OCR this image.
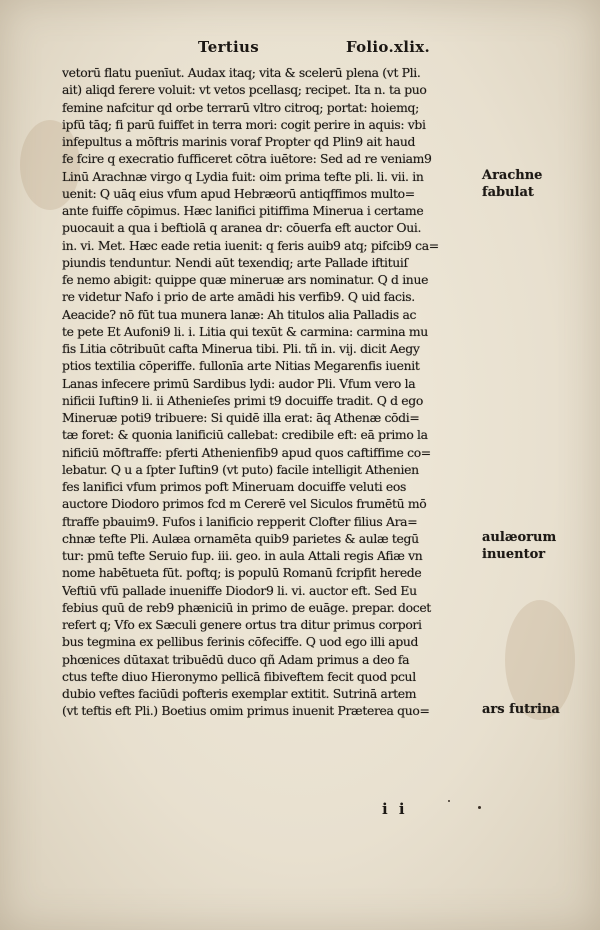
Tertius	Folio.xlix.
vetorū flatu puenīut. Audax itaq; vita & scelerū plena (vt Pli.
ait) aliqd ferere voluit: vt vetos pcellasq; recipet. Ita n. ta puo
femine nafcitur qd orbe terrarū vltro citroq; portat: hoiemq;
ipfū tāq; fi parū fuiffet in terra mori: cogit perire in aquis: vbi
infepultus a mōftris marinis voraf Propter qd Plin9 ait haud
fe fcire q execratio fufficeret cōtra iuētore: Sed ad re veniam9
Linū Arachnæ virgo q Lydia fuit: oim prima tefte pli. li. vii. in
uenit: Q uāq eius vfum apud Hebræorū antiqffimos multo=
ante fuiffe cōpimus. Hæc lanifici pitiffima Minerua i certame
puocauit a qua i beftiolā q aranea dr: cōuerfa eft auctor Oui.
in. vi. Met. Hæc eade retia iuenit: q feris auib9 atq; pifcib9 ca=
piundis tenduntur. Nendi aūt texendiq; arte Pallade iftituiſ
fe nemo abigit: quippe quæ mineruæ ars nominatur. Q d inue
re videtur Nafo i prio de arte amādi his verfib9. Q uid facis.
Aeacide? nō fūt tua munera lanæ: Ah titulos alia Palladis ac
te pete Et Aufoni9 li. i. Litia qui texūt & carmina: carmina mu
fis Litia cōtribuūt cafta Minerua tibi. Pli. tñ in. vij. dicit Aegy
ptios textilia cōperiffe. fullonīa arte Nitias Megarenfis iuenit
Lanas infecere primū Sardibus lydi: audor Pli. Vfum vero la
nificii Iuftin9 li. ii Athenieſes primi t9 docuiffe tradit. Q d ego
Mineruæ poti9 tribuere: Si quidē illa erat: āq Athenæ cōdi=
tæ foret: & quonia lanificiū callebat: credibile eft: eā primo la
nificiū mōftraffe: pferti Athenienfib9 apud quos caftiffime co=
lebatur. Q u a ſpter Iuftin9 (vt puto) facile intelligit Athenien
fes lanifici vfum primos poft Mineruam docuiffe veluti eos
auctore Diodoro primos fcd m Cererē vel Siculos frumētū mō
ftraffe pbauim9. Fufos i lanificio repperit Clofter filius Ara=
chnæ tefte Pli. Aulæa ornamēta quib9 parietes & aulæ tegū
tur: pmū tefte Seruio fup. iii. geo. in aula Attali regis Afiæ vn
nome habētueta fūt. poftq; is populū Romanū fcripfit herede
Veftiū vfū pallade inueniffe Diodor9 li. vi. auctor eft. Sed Eu
febius quū de reb9 phæniciū in primo de euāge. prepar. docet
refert q; Vfo ex Sæculi genere ortus tra ditur primus corpori
bus tegmina ex pellibus ferinis cōfeciffe. Q uod ego illi apud
phœnices dūtaxat tribuēdū duco qñ Adam primus a deo fa
ctus tefte diuo Hieronymo pellicā fibiveftem fecit quod pcul
dubio veftes faciūdi pofteris exemplar extitit. Sutrinā artem
(vt teftis eft Pli.) Boetius omim primus inuenit Præterea quo=
Arachne
fabulat
aulæorum
inuentor
ars futrina
i i
